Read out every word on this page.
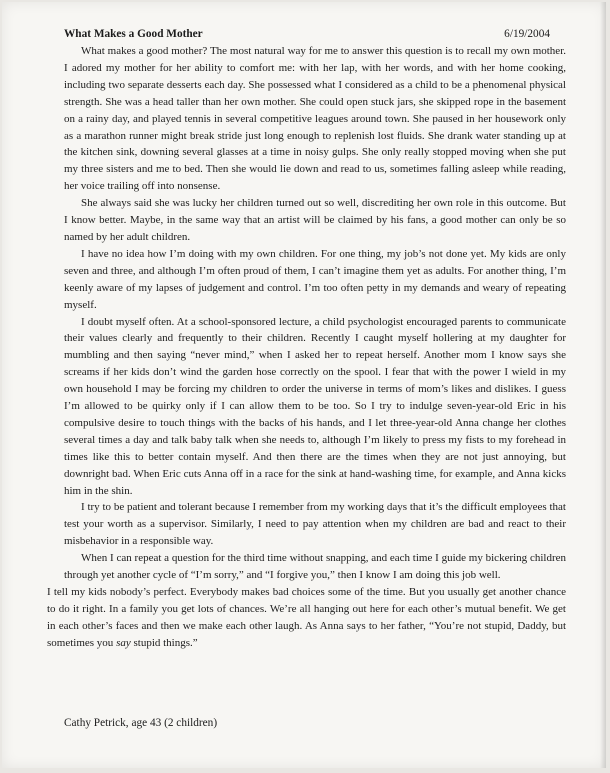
What Makes a Good Mother	6/19/2004

What makes a good mother? The most natural way for me to answer this question is to recall my own mother. I adored my mother for her ability to comfort me: with her lap, with her words, and with her home cooking, including two separate desserts each day. She possessed what I considered as a child to be a phenomenal physical strength. She was a head taller than her own mother. She could open stuck jars, she skipped rope in the basement on a rainy day, and played tennis in several competitive leagues around town. She paused in her housework only as a marathon runner might break stride just long enough to replenish lost fluids. She drank water standing up at the kitchen sink, downing several glasses at a time in noisy gulps. She only really stopped moving when she put my three sisters and me to bed. Then she would lie down and read to us, sometimes falling asleep while reading, her voice trailing off into nonsense.

She always said she was lucky her children turned out so well, discrediting her own role in this outcome. But I know better. Maybe, in the same way that an artist will be claimed by his fans, a good mother can only be so named by her adult children.

I have no idea how I’m doing with my own children. For one thing, my job’s not done yet. My kids are only seven and three, and although I’m often proud of them, I can’t imagine them yet as adults. For another thing, I’m keenly aware of my lapses of judgement and control. I’m too often petty in my demands and weary of repeating myself.

I doubt myself often. At a school-sponsored lecture, a child psychologist encouraged parents to communicate their values clearly and frequently to their children. Recently I caught myself hollering at my daughter for mumbling and then saying “never mind,” when I asked her to repeat herself. Another mom I know says she screams if her kids don’t wind the garden hose correctly on the spool. I fear that with the power I wield in my own household I may be forcing my children to order the universe in terms of mom’s likes and dislikes. I guess I’m allowed to be quirky only if I can allow them to be too. So I try to indulge seven-year-old Eric in his compulsive desire to touch things with the backs of his hands, and I let three-year-old Anna change her clothes several times a day and talk baby talk when she needs to, although I’m likely to press my fists to my forehead in times like this to better contain myself. And then there are the times when they are not just annoying, but downright bad. When Eric cuts Anna off in a race for the sink at hand-washing time, for example, and Anna kicks him in the shin.

I try to be patient and tolerant because I remember from my working days that it’s the difficult employees that test your worth as a supervisor. Similarly, I need to pay attention when my children are bad and react to their misbehavior in a responsible way.

When I can repeat a question for the third time without snapping, and each time I guide my bickering children through yet another cycle of “I’m sorry,” and “I forgive you,” then I know I am doing this job well.

I tell my kids nobody’s perfect. Everybody makes bad choices some of the time. But you usually get another chance to do it right. In a family you get lots of chances. We’re all hanging out here for each other’s mutual benefit. We get in each other’s faces and then we make each other laugh. As Anna says to her father, “You’re not stupid, Daddy, but sometimes you say stupid things.”

Cathy Petrick, age 43 (2 children)
